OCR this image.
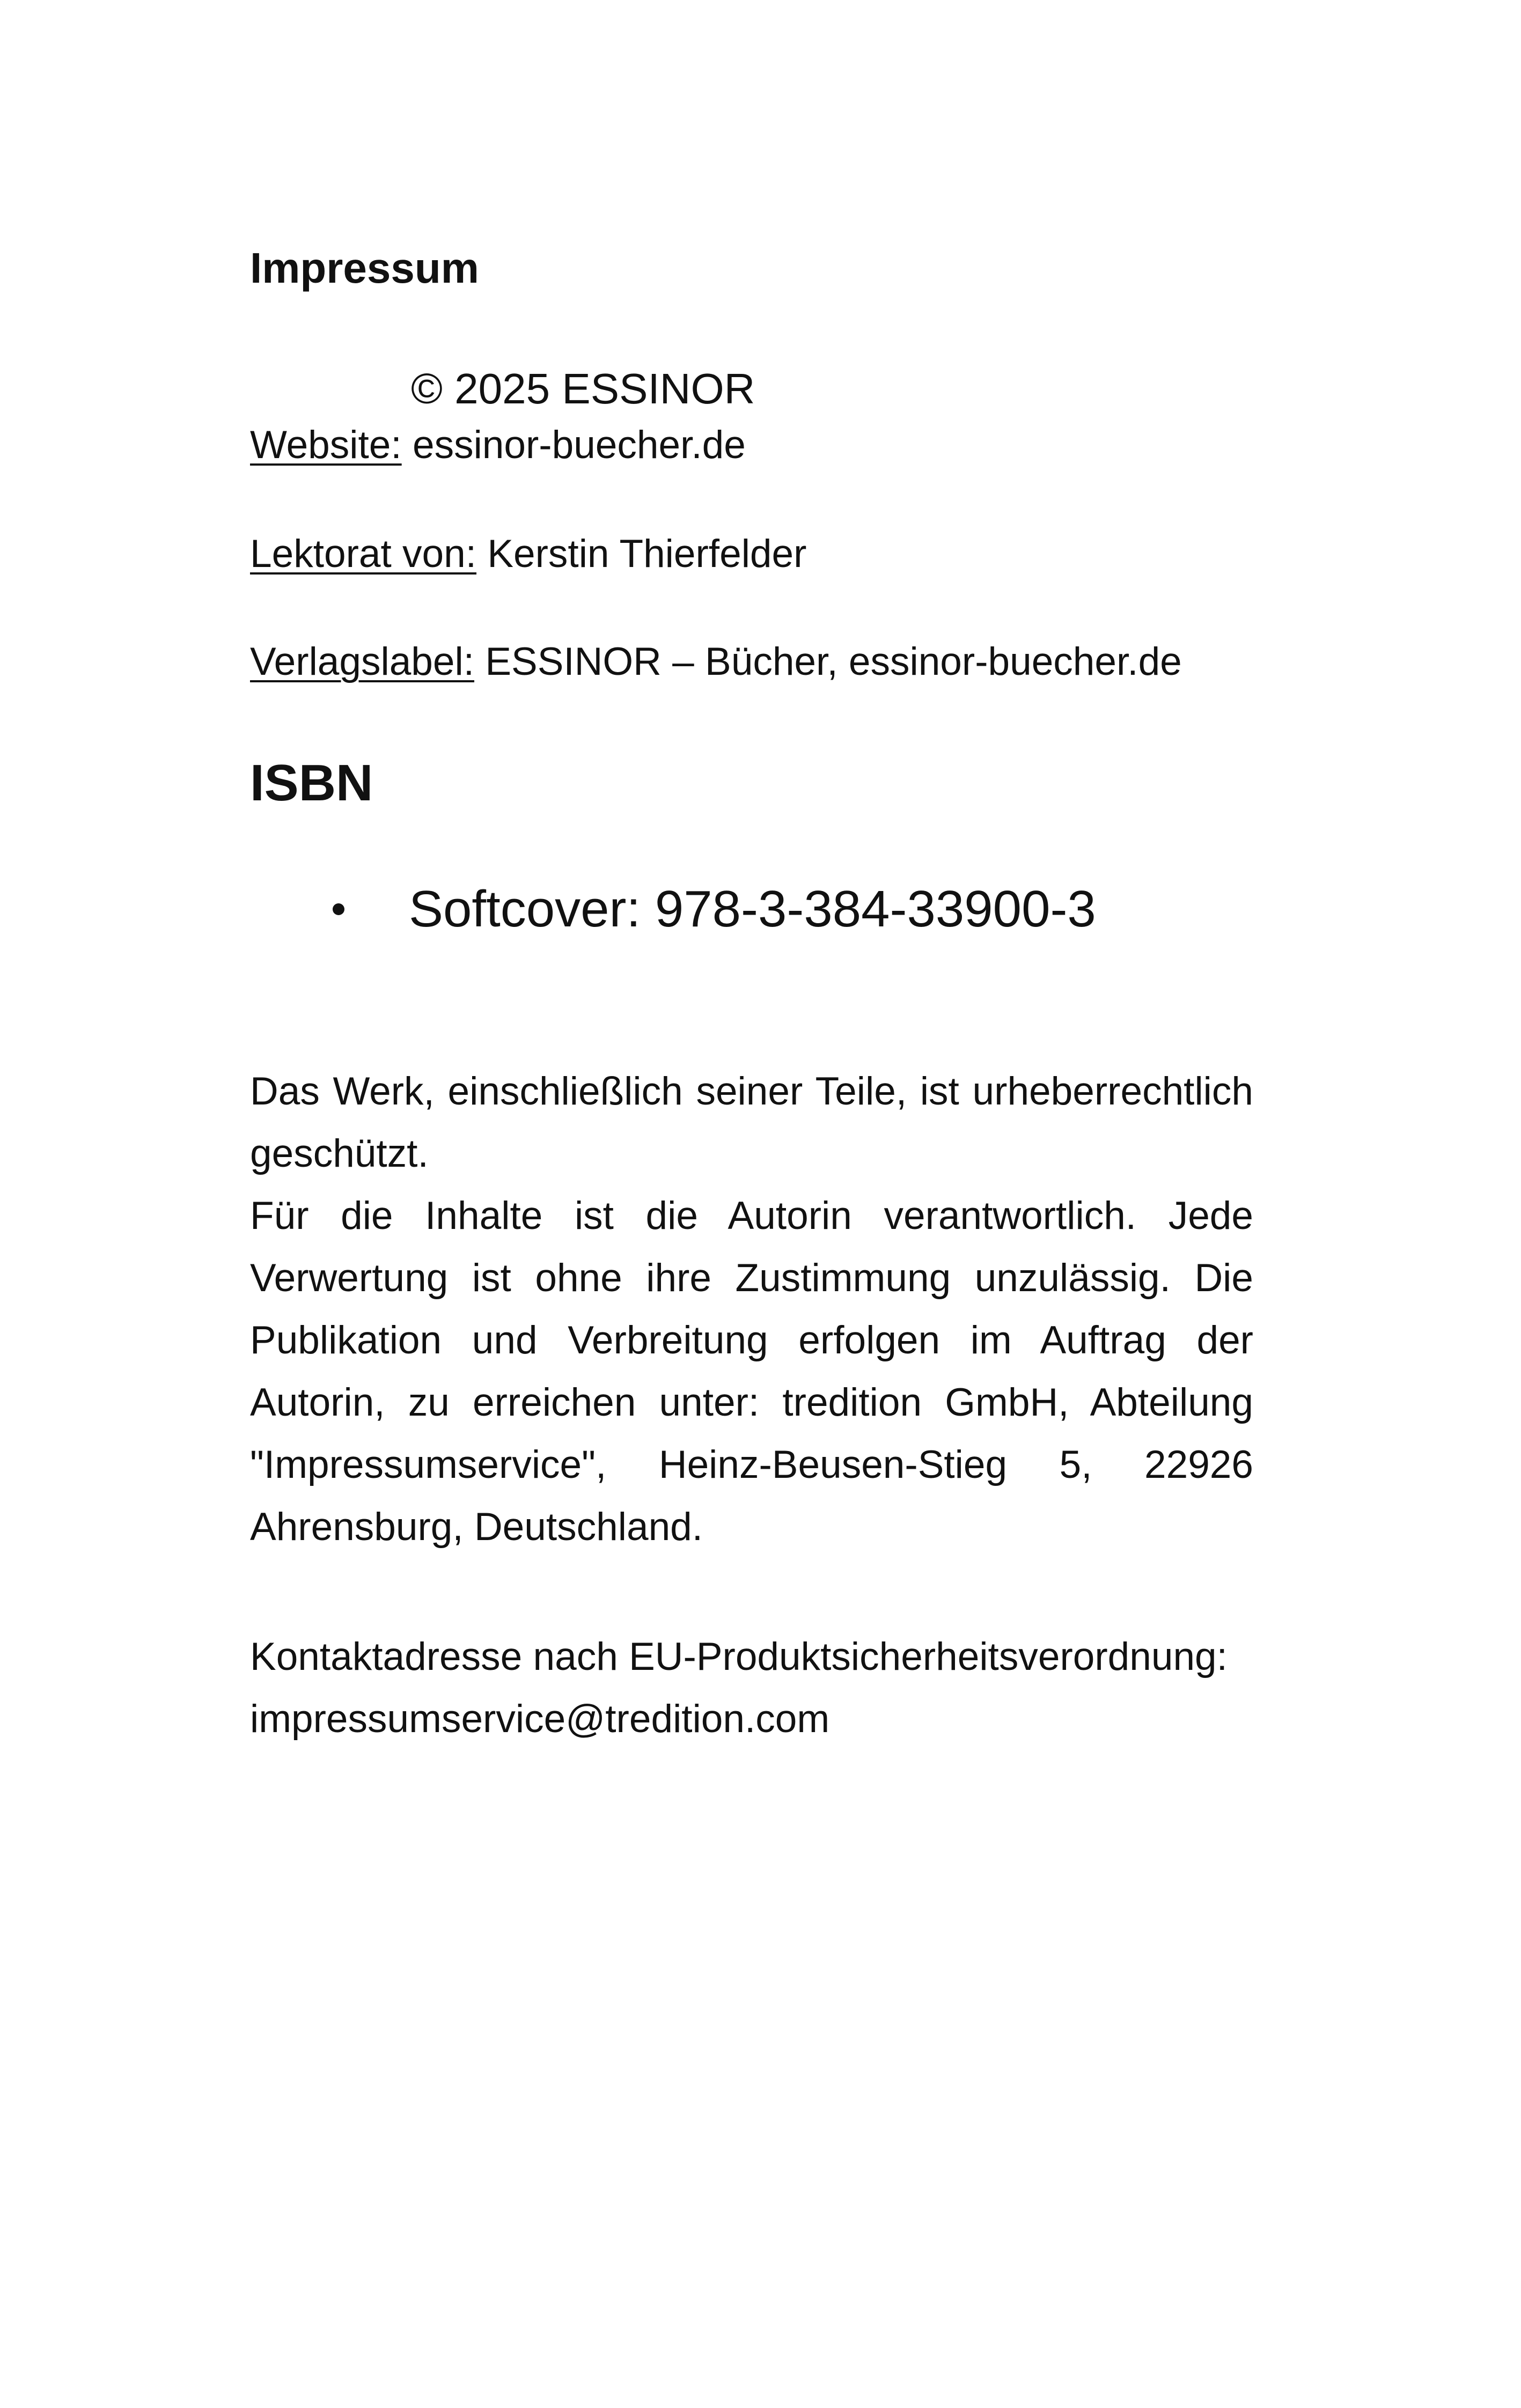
Impressum
© 2025 ESSINOR
Website: essinor-buecher.de
Lektorat von: Kerstin Thierfelder
Verlagslabel: ESSINOR – Bücher, essinor-buecher.de
ISBN
Softcover: 978-3-384-33900-3

Das Werk, einschließlich seiner Teile, ist urheberrechtlich geschützt.

Für die Inhalte ist die Autorin verantwortlich. Jede Verwertung ist ohne ihre Zustimmung unzulässig. Die Publikation und Verbreitung erfolgen im Auftrag der Autorin, zu erreichen unter: tredition GmbH, Abteilung "Impressumservice", Heinz-Beusen-Stieg 5, 22926 Ahrensburg, Deutschland.

Kontaktadresse nach EU-Produktsicherheitsverordnung:

impressumservice@tredition.com
